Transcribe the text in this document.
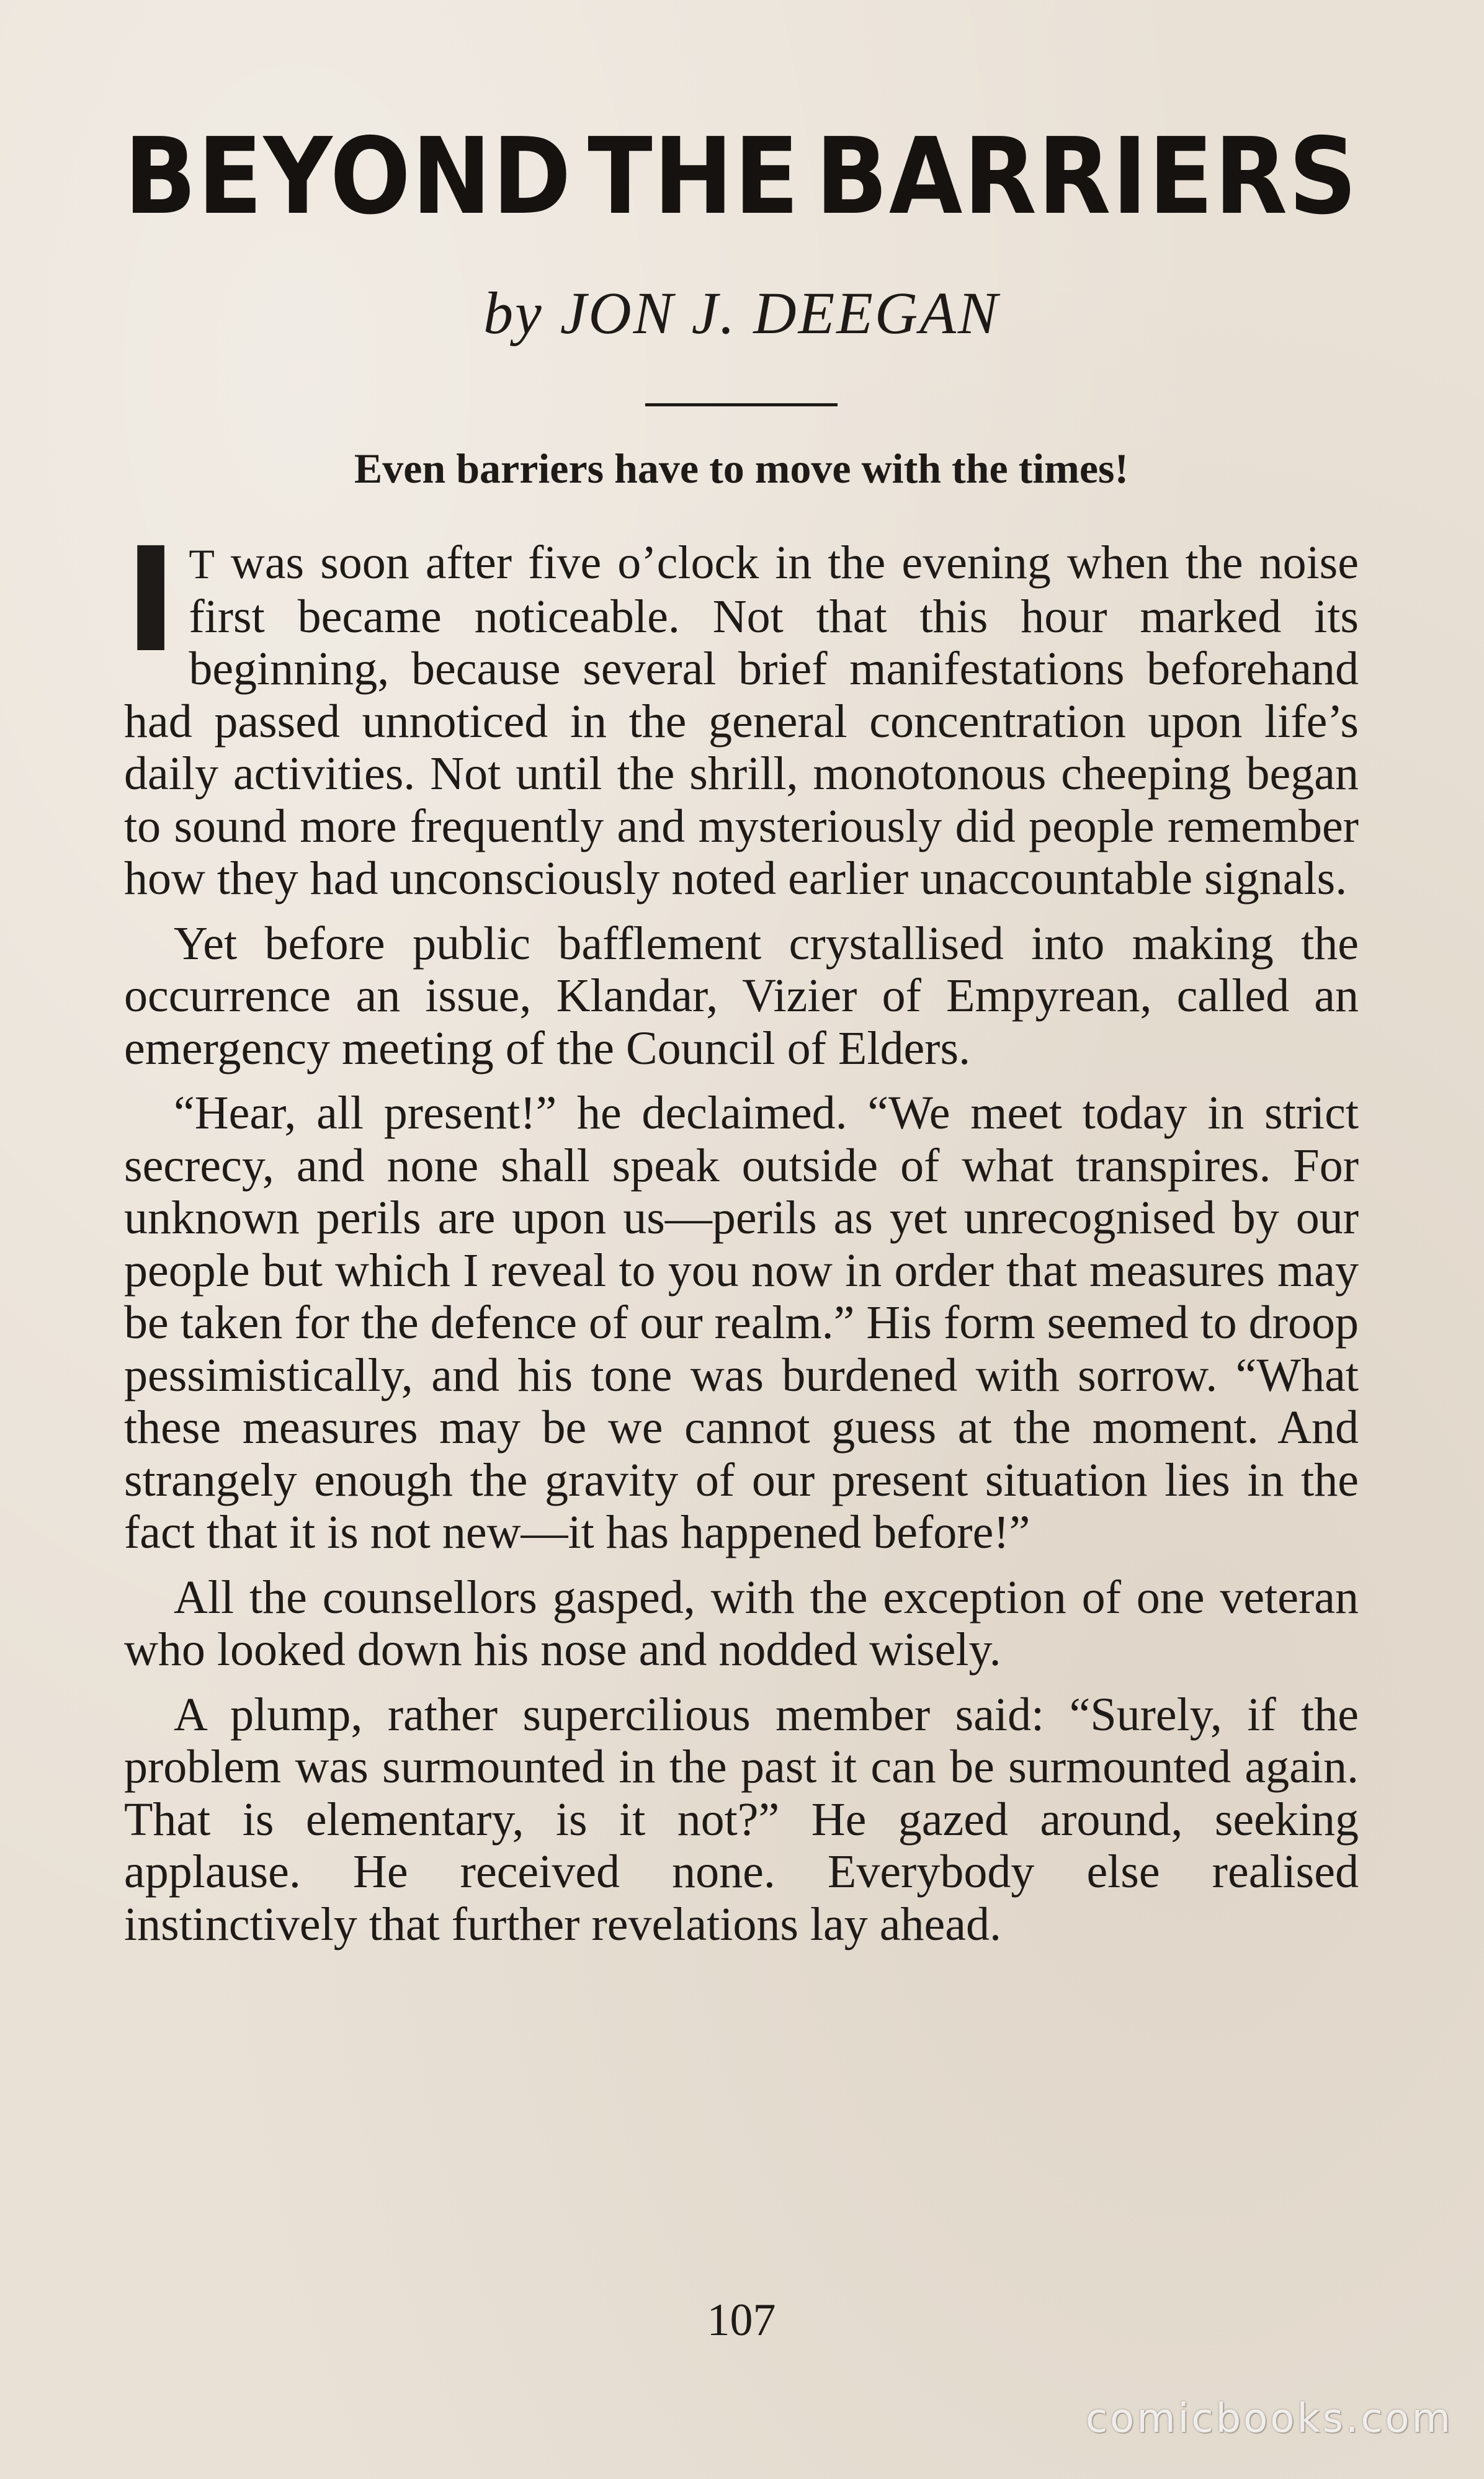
BEYOND THE BARRIERS
by JON J. DEEGAN
Even barriers have to move with the times!

I T was soon after five o’clock in the evening when the noise first became noticeable. Not that this hour marked its beginning, because several brief manifestations beforehand had passed unnoticed in the general concentration upon life’s daily activities. Not until the shrill, monotonous cheeping began to sound more frequently and mysteriously did people remember how they had unconsciously noted earlier unaccountable signals.

Yet before public bafflement crystallised into making the occurrence an issue, Klandar, Vizier of Empyrean, called an emergency meeting of the Council of Elders.

“Hear, all present!” he declaimed. “We meet today in strict secrecy, and none shall speak outside of what transpires. For unknown perils are upon us—perils as yet unrecognised by our people but which I reveal to you now in order that measures may be taken for the defence of our realm.” His form seemed to droop pessimistically, and his tone was burdened with sorrow. “What these measures may be we cannot guess at the moment. And strangely enough the gravity of our present situation lies in the fact that it is not new—it has happened before!”

All the counsellors gasped, with the exception of one veteran who looked down his nose and nodded wisely.

A plump, rather supercilious member said: “Surely, if the problem was surmounted in the past it can be surmounted again. That is elementary, is it not?” He gazed around, seeking applause. He received none. Everybody else realised instinctively that further revelations lay ahead.

107
comicbooks.com
